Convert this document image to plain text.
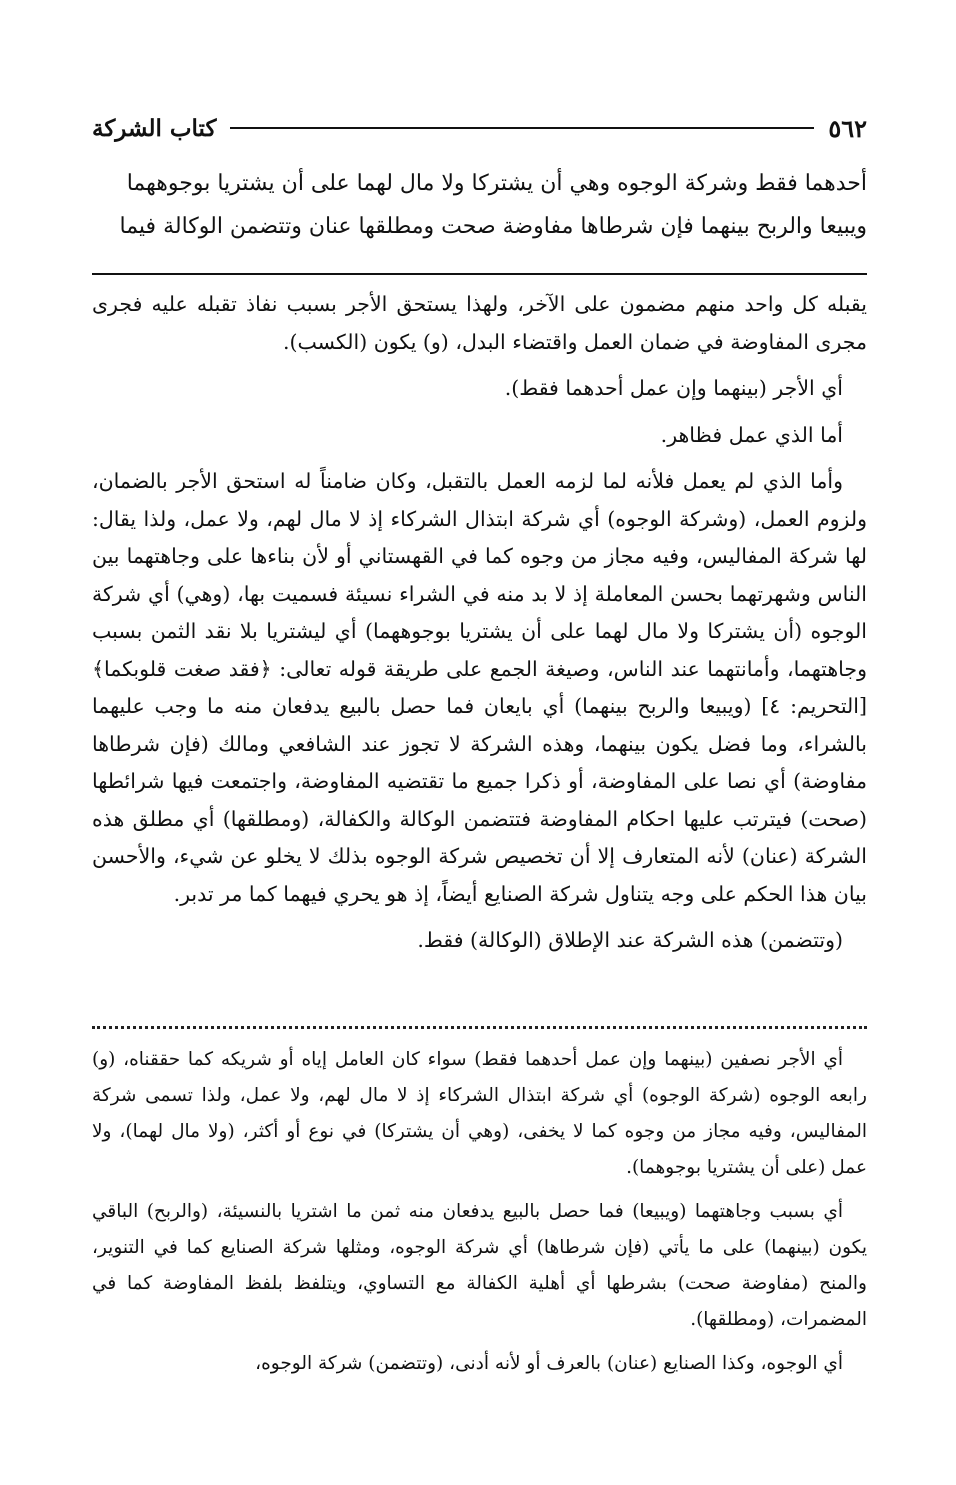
٥٦٢
كتاب الشركة
أحدهما فقط وشركة الوجوه وهي أن يشتركا ولا مال لهما على أن يشتريا بوجوههما
ويبيعا والربح بينهما فإن شرطاها مفاوضة صحت ومطلقها عنان وتتضمن الوكالة فيما

يقبله كل واحد منهم مضمون على الآخر، ولهذا يستحق الأجر بسبب نفاذ تقبله عليه فجرى مجرى المفاوضة في ضمان العمل واقتضاء البدل، (و) يكون (الكسب).

أي الأجر (بينهما وإن عمل أحدهما فقط).

أما الذي عمل فظاهر.

وأما الذي لم يعمل فلأنه لما لزمه العمل بالتقبل، وكان ضامناً له استحق الأجر بالضمان، ولزوم العمل، (وشركة الوجوه) أي شركة ابتذال الشركاء إذ لا مال لهم، ولا عمل، ولذا يقال: لها شركة المفاليس، وفيه مجاز من وجوه كما في القهستاني أو لأن بناءها على وجاهتهما بين الناس وشهرتهما بحسن المعاملة إذ لا بد منه في الشراء نسيئة فسميت بها، (وهي) أي شركة الوجوه (أن يشتركا ولا مال لهما على أن يشتريا بوجوههما) أي ليشتريا بلا نقد الثمن بسبب وجاهتهما، وأمانتهما عند الناس، وصيغة الجمع على طريقة قوله تعالى: ﴿فقد صغت قلوبكما﴾ [التحريم: ٤] (ويبيعا والربح بينهما) أي بايعان فما حصل بالبيع يدفعان منه ما وجب عليهما بالشراء، وما فضل يكون بينهما، وهذه الشركة لا تجوز عند الشافعي ومالك (فإن شرطاها مفاوضة) أي نصا على المفاوضة، أو ذكرا جميع ما تقتضيه المفاوضة، واجتمعت فيها شرائطها (صحت) فيترتب عليها احكام المفاوضة فتتضمن الوكالة والكفالة، (ومطلقها) أي مطلق هذه الشركة (عنان) لأنه المتعارف إلا أن تخصيص شركة الوجوه بذلك لا يخلو عن شيء، والأحسن بيان هذا الحكم على وجه يتناول شركة الصنايع أيضاً، إذ هو يحري فيهما كما مر تدبر.

(وتتضمن) هذه الشركة عند الإطلاق (الوكالة) فقط.

أي الأجر نصفين (بينهما وإن عمل أحدهما فقط) سواء كان العامل إياه أو شريكه كما حققناه، (و) رابعه الوجوه (شركة الوجوه) أي شركة ابتذال الشركاء إذ لا مال لهم، ولا عمل، ولذا تسمى شركة المفاليس، وفيه مجاز من وجوه كما لا يخفى، (وهي أن يشتركا) في نوع أو أكثر، (ولا مال لهما)، ولا عمل (على أن يشتريا بوجوهما).

أي بسبب وجاهتهما (ويبيعا) فما حصل بالبيع يدفعان منه ثمن ما اشتريا بالنسيئة، (والربح) الباقي يكون (بينهما) على ما يأتي (فإن شرطاها) أي شركة الوجوه، ومثلها شركة الصنايع كما في التنوير، والمنح (مفاوضة صحت) بشرطها أي أهلية الكفالة مع التساوي، ويتلفظ بلفظ المفاوضة كما في المضمرات، (ومطلقها).

أي الوجوه، وكذا الصنايع (عنان) بالعرف أو لأنه أدنى، (وتتضمن) شركة الوجوه،
